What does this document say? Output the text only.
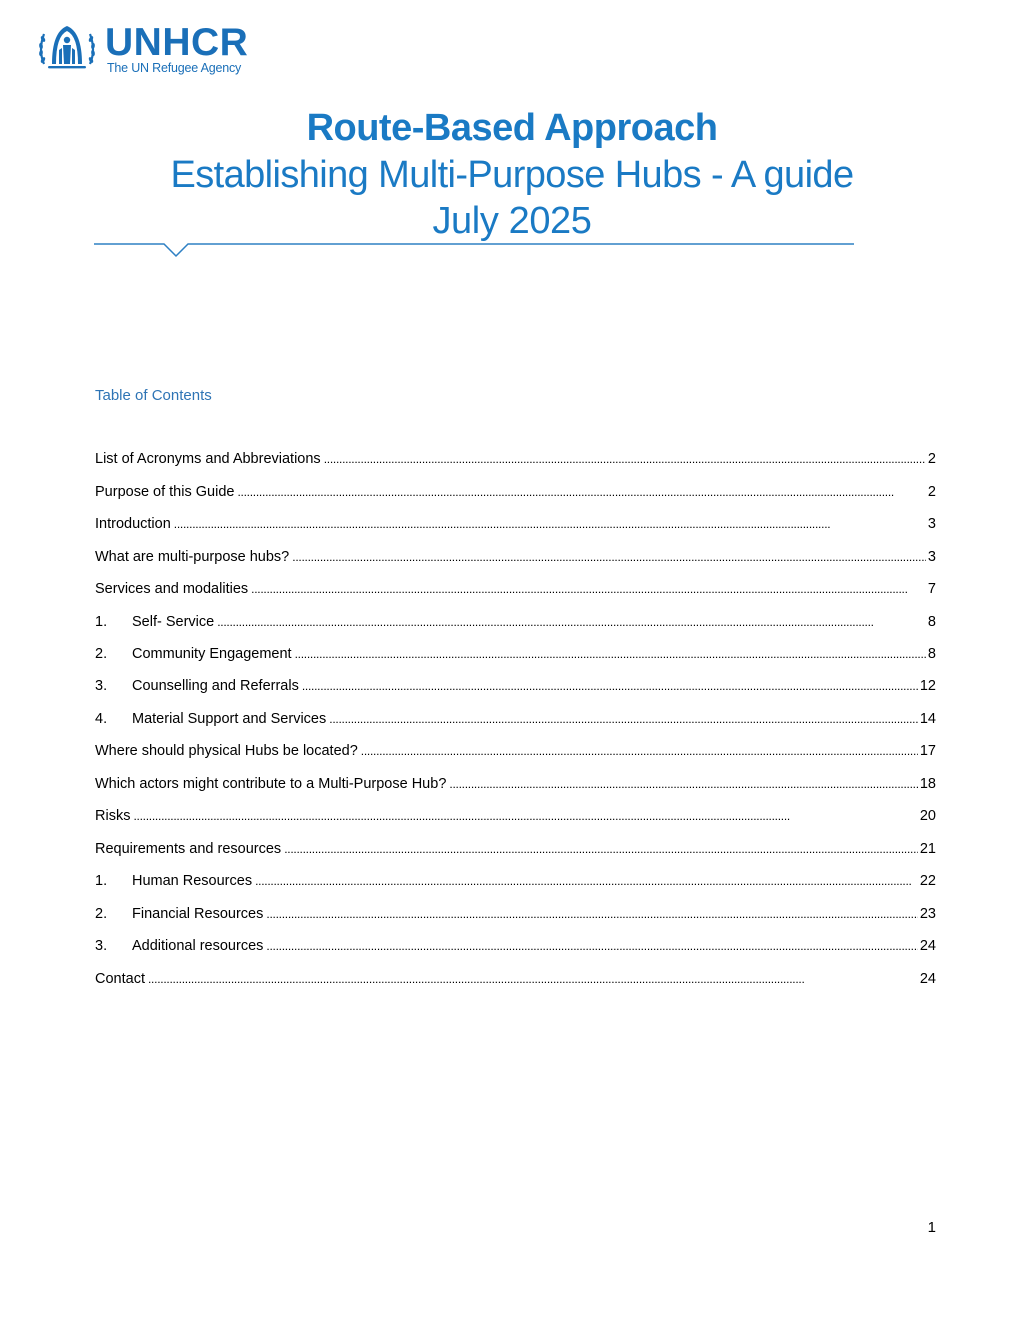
UNHCR
The UN Refugee Agency
Route-Based Approach
Establishing Multi-Purpose Hubs - A guide
July 2025
Table of Contents
List of Acronyms and Abbreviations . . .	2
Purpose of this Guide . . .	2
Introduction . . .	3
What are multi-purpose hubs? . . .	3
Services and modalities . . .	7
1.	Self- Service . . .	8
2.	Community Engagement . . .	8
3.	Counselling and Referrals . . .	12
4.	Material Support and Services . . .	14
Where should physical Hubs be located? . . .	17
Which actors might contribute to a Multi-Purpose Hub? . . .	18
Risks . . .	20
Requirements and resources . . .	21
1.	Human Resources . . .	22
2.	Financial Resources . . .	23
3.	Additional resources . . .	24
Contact . . .	24
1
